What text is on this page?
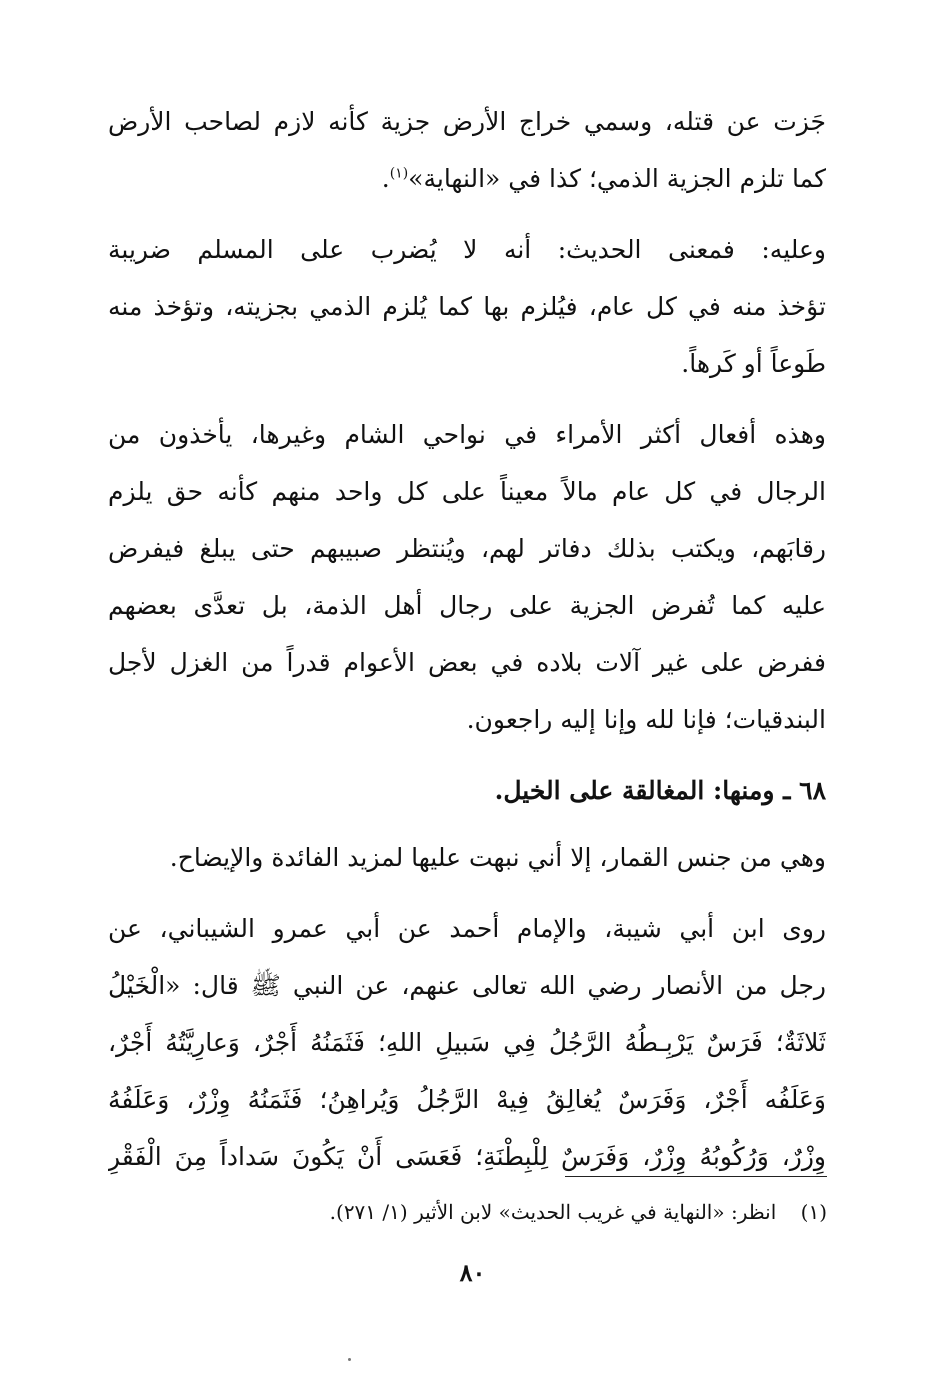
جَزت عن قتله، وسمي خراج الأرض جزية كأنه لازم لصاحب الأرض
كما تلزم الجزية الذمي؛ كذا في «النهاية»$^{(١)}$.
وعليه: فمعنى الحديث: أنه لا يُضرب على المسلم ضريبة
تؤخذ منه في كل عام، فيُلزم بها كما يُلزم الذمي بجزيته، وتؤخذ منه
طَوعاً أو كَرهاً.
وهذه أفعال أكثر الأمراء في نواحي الشام وغيرها، يأخذون من
الرجال في كل عام مالاً معيناً على كل واحد منهم كأنه حق يلزم
رقابَهم، ويكتب بذلك دفاتر لهم، ويُنتظر صبيبهم حتى يبلغ فيفرض
عليه كما تُفرض الجزية على رجال أهل الذمة، بل تعدَّى بعضهم
ففرض على غير آلات بلاده في بعض الأعوام قدراً من الغزل لأجل
البندقيات؛ فإنا لله وإنا إليه راجعون.
٦٨ ـ ومنها: المغالقة على الخيل.
وهي من جنس القمار، إلا أني نبهت عليها لمزيد الفائدة والإيضاح.
روى ابن أبي شيبة، والإمام أحمد عن أبي عمرو الشيباني، عن
رجل من الأنصار رضي الله تعالى عنهم، عن النبي ﷺ قال: «الْخَيْلُ
ثَلاثَةٌ؛ فَرَسٌ يَرْبِـطُهُ الرَّجُلُ فِي سَبيلِ اللهِ؛ فَثَمَنُهُ أَجْرٌ، وَعارِيَّتُهُ أَجْرٌ،
وَعَلَفُه أَجْرٌ، وَفَرَسٌ يُغالِقُ فِيهْ الرَّجُلُ وَيُراهِنُ؛ فَثَمَنُهُ وِزْرٌ، وَعَلَفُهُ
وِزْرٌ، وَرُكُوبُهُ وِزْرٌ، وَفَرَسٌ لِلْبِطْنَةِ؛ فَعَسَى أَنْ يَكُونَ سَداداً مِنَ الْفَقْرِ
(١) انظر: «النهاية في غريب الحديث» لابن الأثير (١/ ٢٧١).
٨٠
